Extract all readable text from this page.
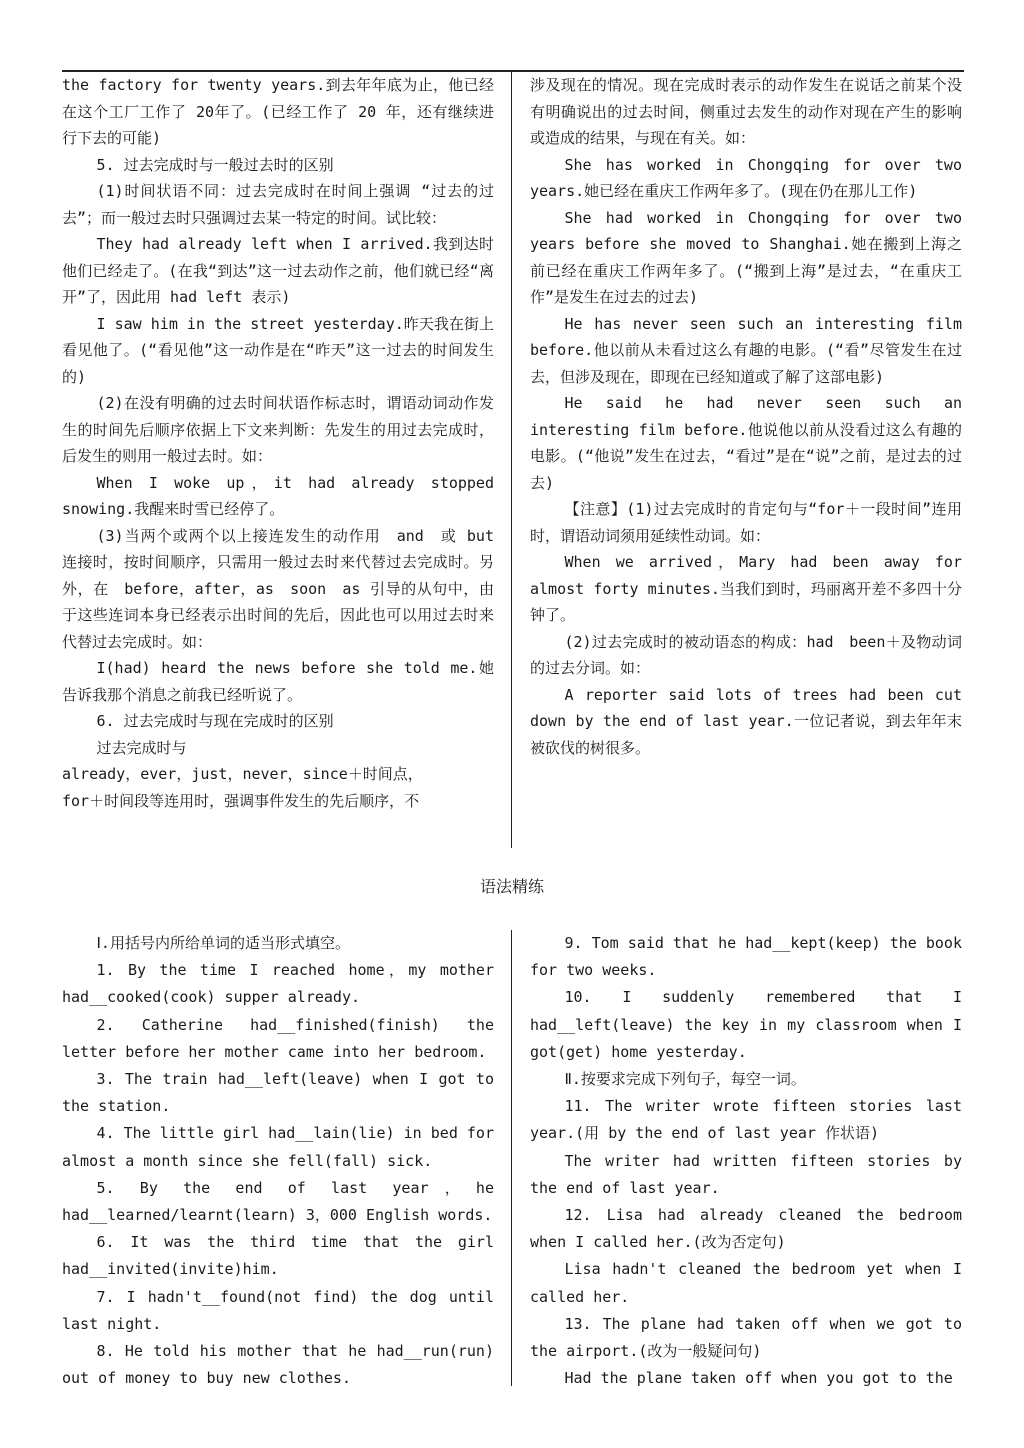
the factory for twenty years.到去年年底为止，他已经在这个工厂工作了 20年了。(已经工作了 20 年，还有继续进行下去的可能)

5. 过去完成时与一般过去时的区别

(1)时间状语不同：过去完成时在时间上强调 “过去的过去”；而一般过去时只强调过去某一特定的时间。试比较：

They had already left when I arrived.我到达时他们已经走了。(在我“到达”这一过去动作之前，他们就已经“离开”了，因此用 had left 表示)

I saw him in the street yesterday.昨天我在街上看见他了。(“看见他”这一动作是在“昨天”这一过去的时间发生的)

(2)在没有明确的过去时间状语作标志时，谓语动词动作发生的时间先后顺序依据上下文来判断：先发生的用过去完成时，后发生的则用一般过去时。如：

When I woke up，it had already stopped snowing.我醒来时雪已经停了。

(3)当两个或两个以上接连发生的动作用　and　或 but　连接时，按时间顺序，只需用一般过去时来代替过去完成时。另外，在　before，after，as　soon　as 引导的从句中，由于这些连词本身已经表示出时间的先后，因此也可以用过去时来代替过去完成时。如：

I(had) heard the news before she told me.她告诉我那个消息之前我已经听说了。

6. 过去完成时与现在完成时的区别

过去完成时与

already，ever，just，never，since＋时间点，

for＋时间段等连用时，强调事件发生的先后顺序，不

涉及现在的情况。现在完成时表示的动作发生在说话之前某个没有明确说出的过去时间，侧重过去发生的动作对现在产生的影响或造成的结果，与现在有关。如：

She has worked in Chongqing for over two years.她已经在重庆工作两年多了。(现在仍在那儿工作)

She had worked in Chongqing for over two years before she moved to Shanghai.她在搬到上海之前已经在重庆工作两年多了。(“搬到上海”是过去，“在重庆工作”是发生在过去的过去)

He has never seen such an interesting film before.他以前从未看过这么有趣的电影。(“看”尽管发生在过去，但涉及现在，即现在已经知道或了解了这部电影)

He said he had never seen such an interesting film before.他说他以前从没看过这么有趣的电影。(“他说”发生在过去，“看过”是在“说”之前，是过去的过去)

【注意】(1)过去完成时的肯定句与“for＋一段时间”连用时，谓语动词须用延续性动词。如：

When we arrived，Mary had been away for almost forty minutes.当我们到时，玛丽离开差不多四十分钟了。

(2)过去完成时的被动语态的构成：had　been＋及物动词的过去分词。如：

A reporter said lots of trees had been cut down by the end of last year.一位记者说，到去年年末被砍伐的树很多。

语法精练

Ⅰ.用括号内所给单词的适当形式填空。

1. By the time I reached home，my mother had__cooked(cook) supper already.

2. Catherine had__finished(finish) the letter before her mother came into her bedroom.

3. The train had__left(leave) when I got to the station.

4. The little girl had__lain(lie) in bed for almost a month since she fell(fall) sick.

5. By the end of last year，he had__learned/learnt(learn) 3，000 English words.

6. It was the third time that the girl had__invited(invite)him.

7. I hadn't__found(not find) the dog until last night.

8. He told his mother that he had__run(run) out of money to buy new clothes.

9. Tom said that he had__kept(keep) the book for two weeks.

10. I suddenly remembered that I had__left(leave) the key in my classroom when I got(get) home yesterday.

Ⅱ.按要求完成下列句子，每空一词。

11. The writer wrote fifteen stories last year.(用 by the end of last year 作状语)

The writer had written fifteen stories by the end of last year.

12. Lisa had already cleaned the bedroom when I called her.(改为否定句)

Lisa hadn't cleaned the bedroom yet when I called her.

13. The plane had taken off when we got to the airport.(改为一般疑问句)

Had the plane taken off when you got to the
